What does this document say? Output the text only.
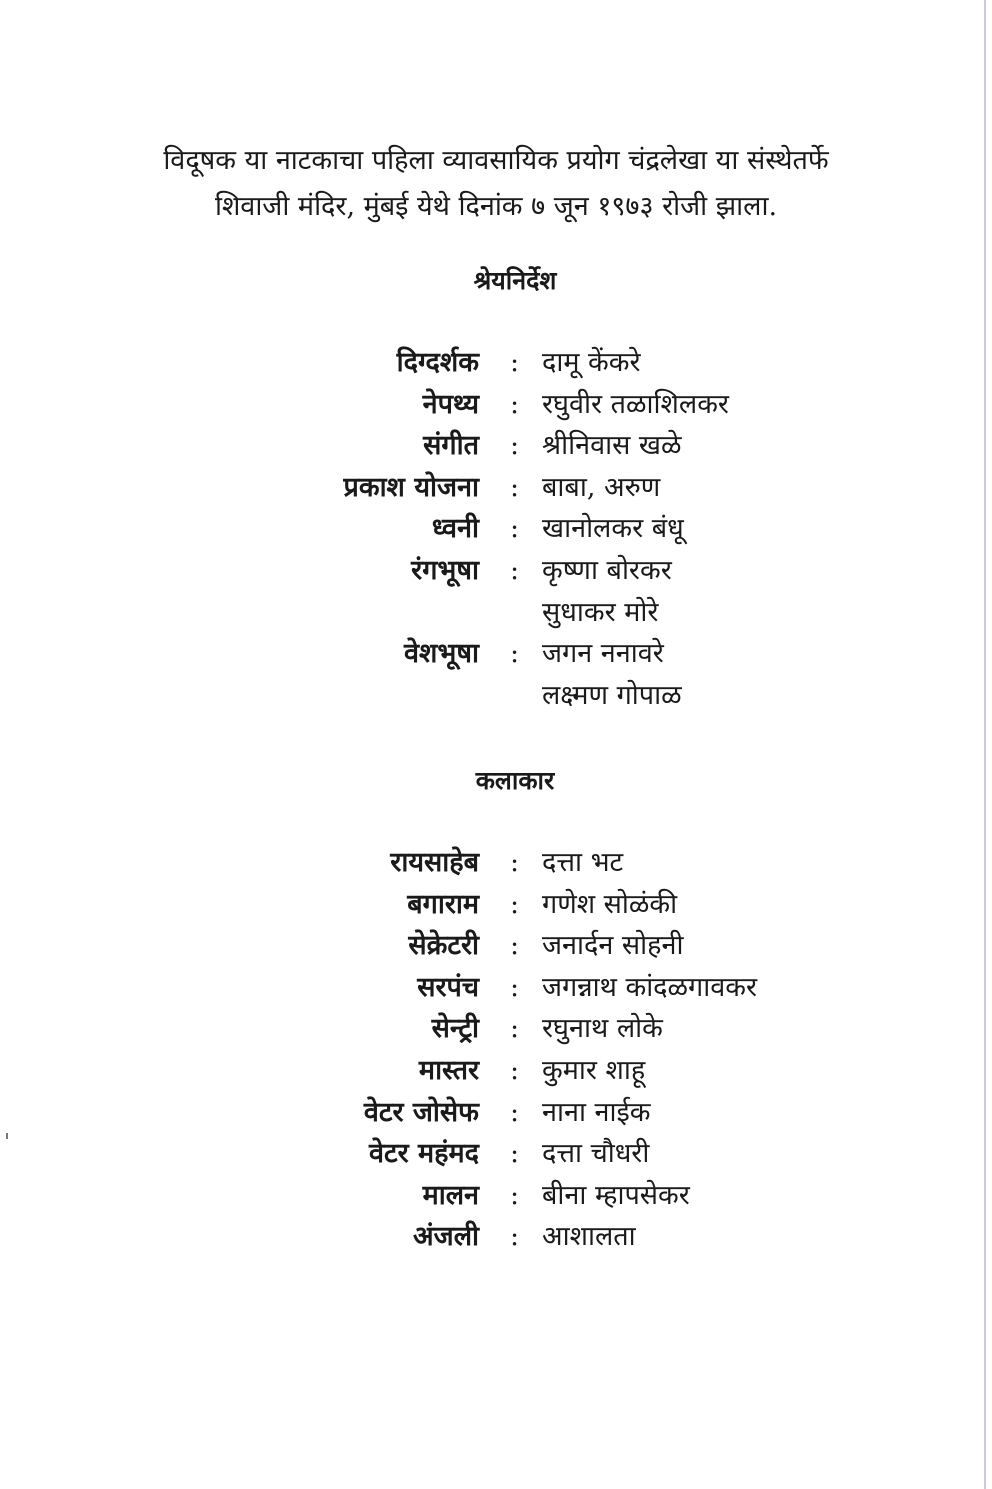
विदूषक या नाटकाचा पहिला व्यावसायिक प्रयोग चंद्रलेखा या संस्थेतर्फे

शिवाजी मंदिर, मुंबई येथे दिनांक ७ जून १९७३ रोजी झाला.

श्रेयनिर्देश
दिग्दर्शक : दामू केंकरे
नेपथ्य : रघुवीर तळाशिलकर
संगीत : श्रीनिवास खळे
प्रकाश योजना : बाबा, अरुण
ध्वनी : खानोलकर बंधू
रंगभूषा : कृष्णा बोरकर
सुधाकर मोरे
वेशभूषा : जगन ननावरे
लक्ष्मण गोपाळ
कलाकार
रायसाहेब : दत्ता भट
बगाराम : गणेश सोळंकी
सेक्रेटरी : जनार्दन सोहनी
सरपंच : जगन्नाथ कांदळगावकर
सेन्ट्री : रघुनाथ लोके
मास्तर : कुमार शाहू
वेटर जोसेफ : नाना नाईक
वेटर महंमद : दत्ता चौधरी
मालन : बीना म्हापसेकर
अंजली : आशालता
